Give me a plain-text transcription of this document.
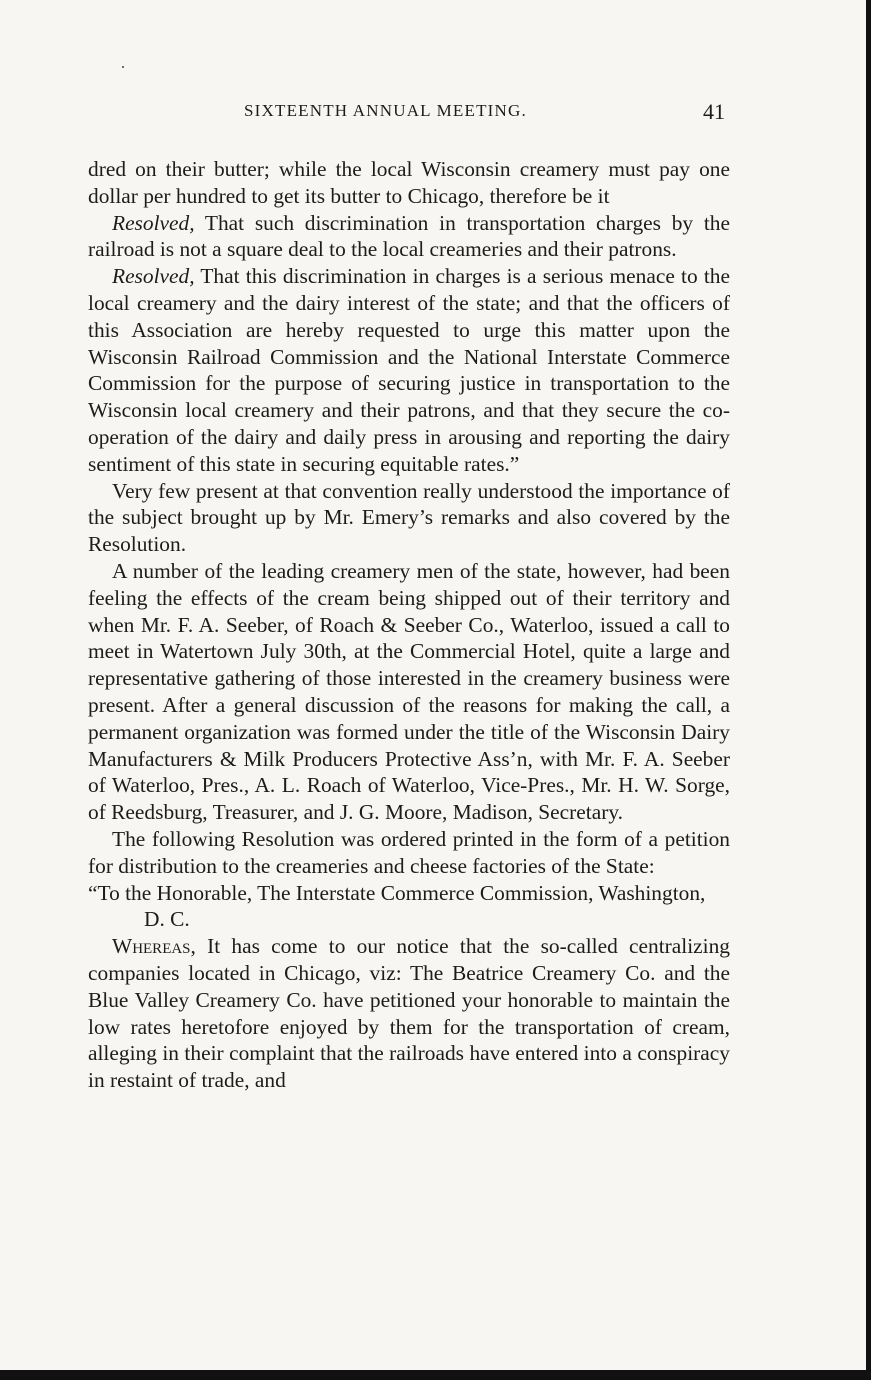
SIXTEENTH ANNUAL MEETING.	41

dred on their butter; while the local Wisconsin creamery must pay one dollar per hundred to get its butter to Chicago, therefore be it

Resolved, That such discrimination in transportation charges by the railroad is not a square deal to the local creameries and their patrons.

Resolved, That this discrimination in charges is a serious menace to the local creamery and the dairy interest of the state; and that the officers of this Association are hereby requested to urge this matter upon the Wisconsin Railroad Commission and the National Interstate Commerce Commission for the purpose of securing justice in transportation to the Wisconsin local creamery and their patrons, and that they secure the co-operation of the dairy and daily press in arousing and reporting the dairy sentiment of this state in securing equitable rates.”

Very few present at that convention really understood the importance of the subject brought up by Mr. Emery’s remarks and also covered by the Resolution.

A number of the leading creamery men of the state, however, had been feeling the effects of the cream being shipped out of their territory and when Mr. F. A. Seeber, of Roach & Seeber Co., Waterloo, issued a call to meet in Watertown July 30th, at the Commercial Hotel, quite a large and representative gathering of those interested in the creamery business were present. After a general discussion of the reasons for making the call, a permanent organization was formed under the title of the Wisconsin Dairy Manufacturers & Milk Producers Protective Ass’n, with Mr. F. A. Seeber of Waterloo, Pres., A. L. Roach of Waterloo, Vice-Pres., Mr. H. W. Sorge, of Reedsburg, Treasurer, and J. G. Moore, Madison, Secretary.

The following Resolution was ordered printed in the form of a petition for distribution to the creameries and cheese factories of the State:

“To the Honorable, The Interstate Commerce Commission, Washington, D. C.

Whereas, It has come to our notice that the so-called centralizing companies located in Chicago, viz: The Beatrice Creamery Co. and the Blue Valley Creamery Co. have petitioned your honorable to maintain the low rates heretofore enjoyed by them for the transportation of cream, alleging in their complaint that the railroads have entered into a conspiracy in restaint of trade, and
